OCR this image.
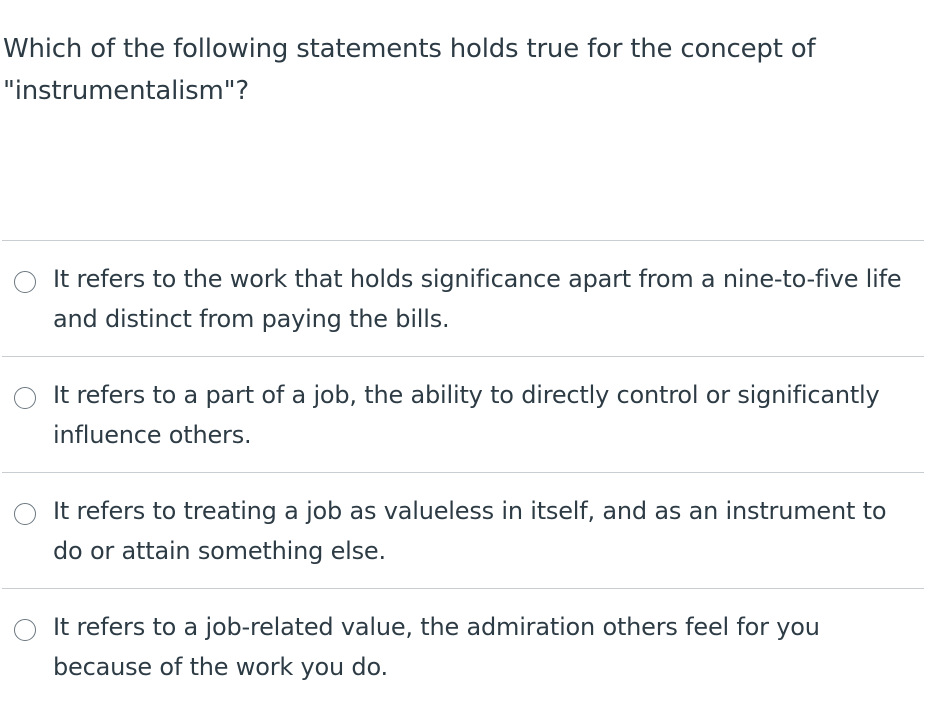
Which of the following statements holds true for the concept of "instrumentalism"?

It refers to the work that holds significance apart from a nine-to-five life and distinct from paying the bills.
It refers to a part of a job, the ability to directly control or significantly influence others.
It refers to treating a job as valueless in itself, and as an instrument to do or attain something else.
It refers to a job-related value, the admiration others feel for you because of the work you do.
